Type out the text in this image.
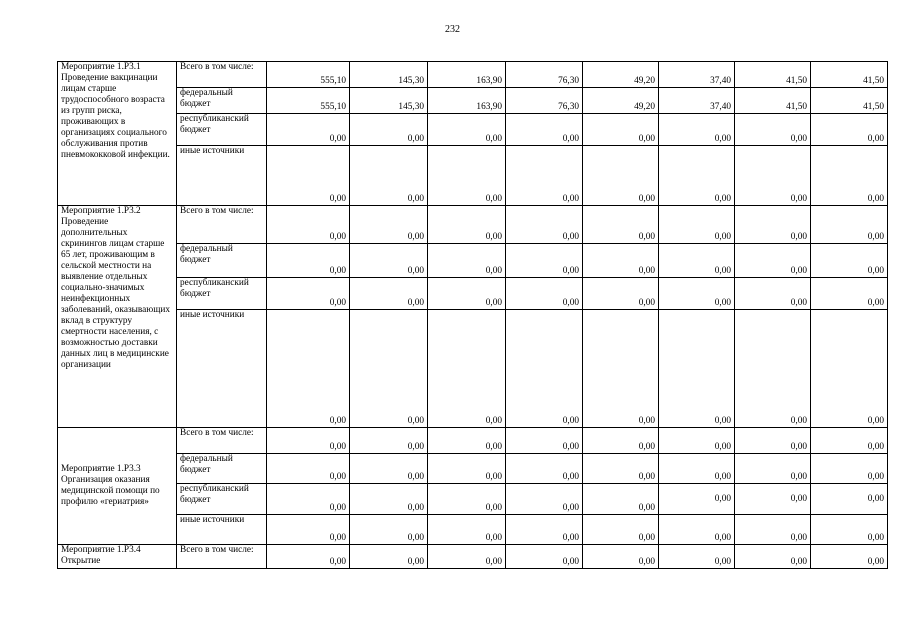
232
Мероприятие 1.Р3.1 Проведение вакцинации лицам старше трудоспособного возраста из групп риска, проживающих в организациях социального обслуживания против пневмококковой инфекции.	Всего в том числе:	555,10	145,30	163,90	76,30	49,20	37,40	41,50	41,50
	федеральный бюджет	555,10	145,30	163,90	76,30	49,20	37,40	41,50	41,50
	республиканский бюджет	0,00	0,00	0,00	0,00	0,00	0,00	0,00	0,00
	иные источники	0,00	0,00	0,00	0,00	0,00	0,00	0,00	0,00
Мероприятие 1.Р3.2 Проведение дополнительных скринингов лицам старше 65 лет, проживающим в сельской местности на выявление отдельных социально-значимых неинфекционных заболеваний, оказывающих вклад в структуру смертности населения, с возможностью доставки данных лиц в медицинские организации	Всего в том числе:	0,00	0,00	0,00	0,00	0,00	0,00	0,00	0,00
	федеральный бюджет	0,00	0,00	0,00	0,00	0,00	0,00	0,00	0,00
	республиканский бюджет	0,00	0,00	0,00	0,00	0,00	0,00	0,00	0,00
	иные источники	0,00	0,00	0,00	0,00	0,00	0,00	0,00	0,00
Мероприятие 1.Р3.3 Организация оказания медицинской помощи по профилю «гериатрия»	Всего в том числе:	0,00	0,00	0,00	0,00	0,00	0,00	0,00	0,00
	федеральный бюджет	0,00	0,00	0,00	0,00	0,00	0,00	0,00	0,00
	республиканский бюджет	0,00	0,00	0,00	0,00	0,00	0,00	0,00	0,00
	иные источники	0,00	0,00	0,00	0,00	0,00	0,00	0,00	0,00
Мероприятие 1.Р3.4 Открытие	Всего в том числе:	0,00	0,00	0,00	0,00	0,00	0,00	0,00	0,00
